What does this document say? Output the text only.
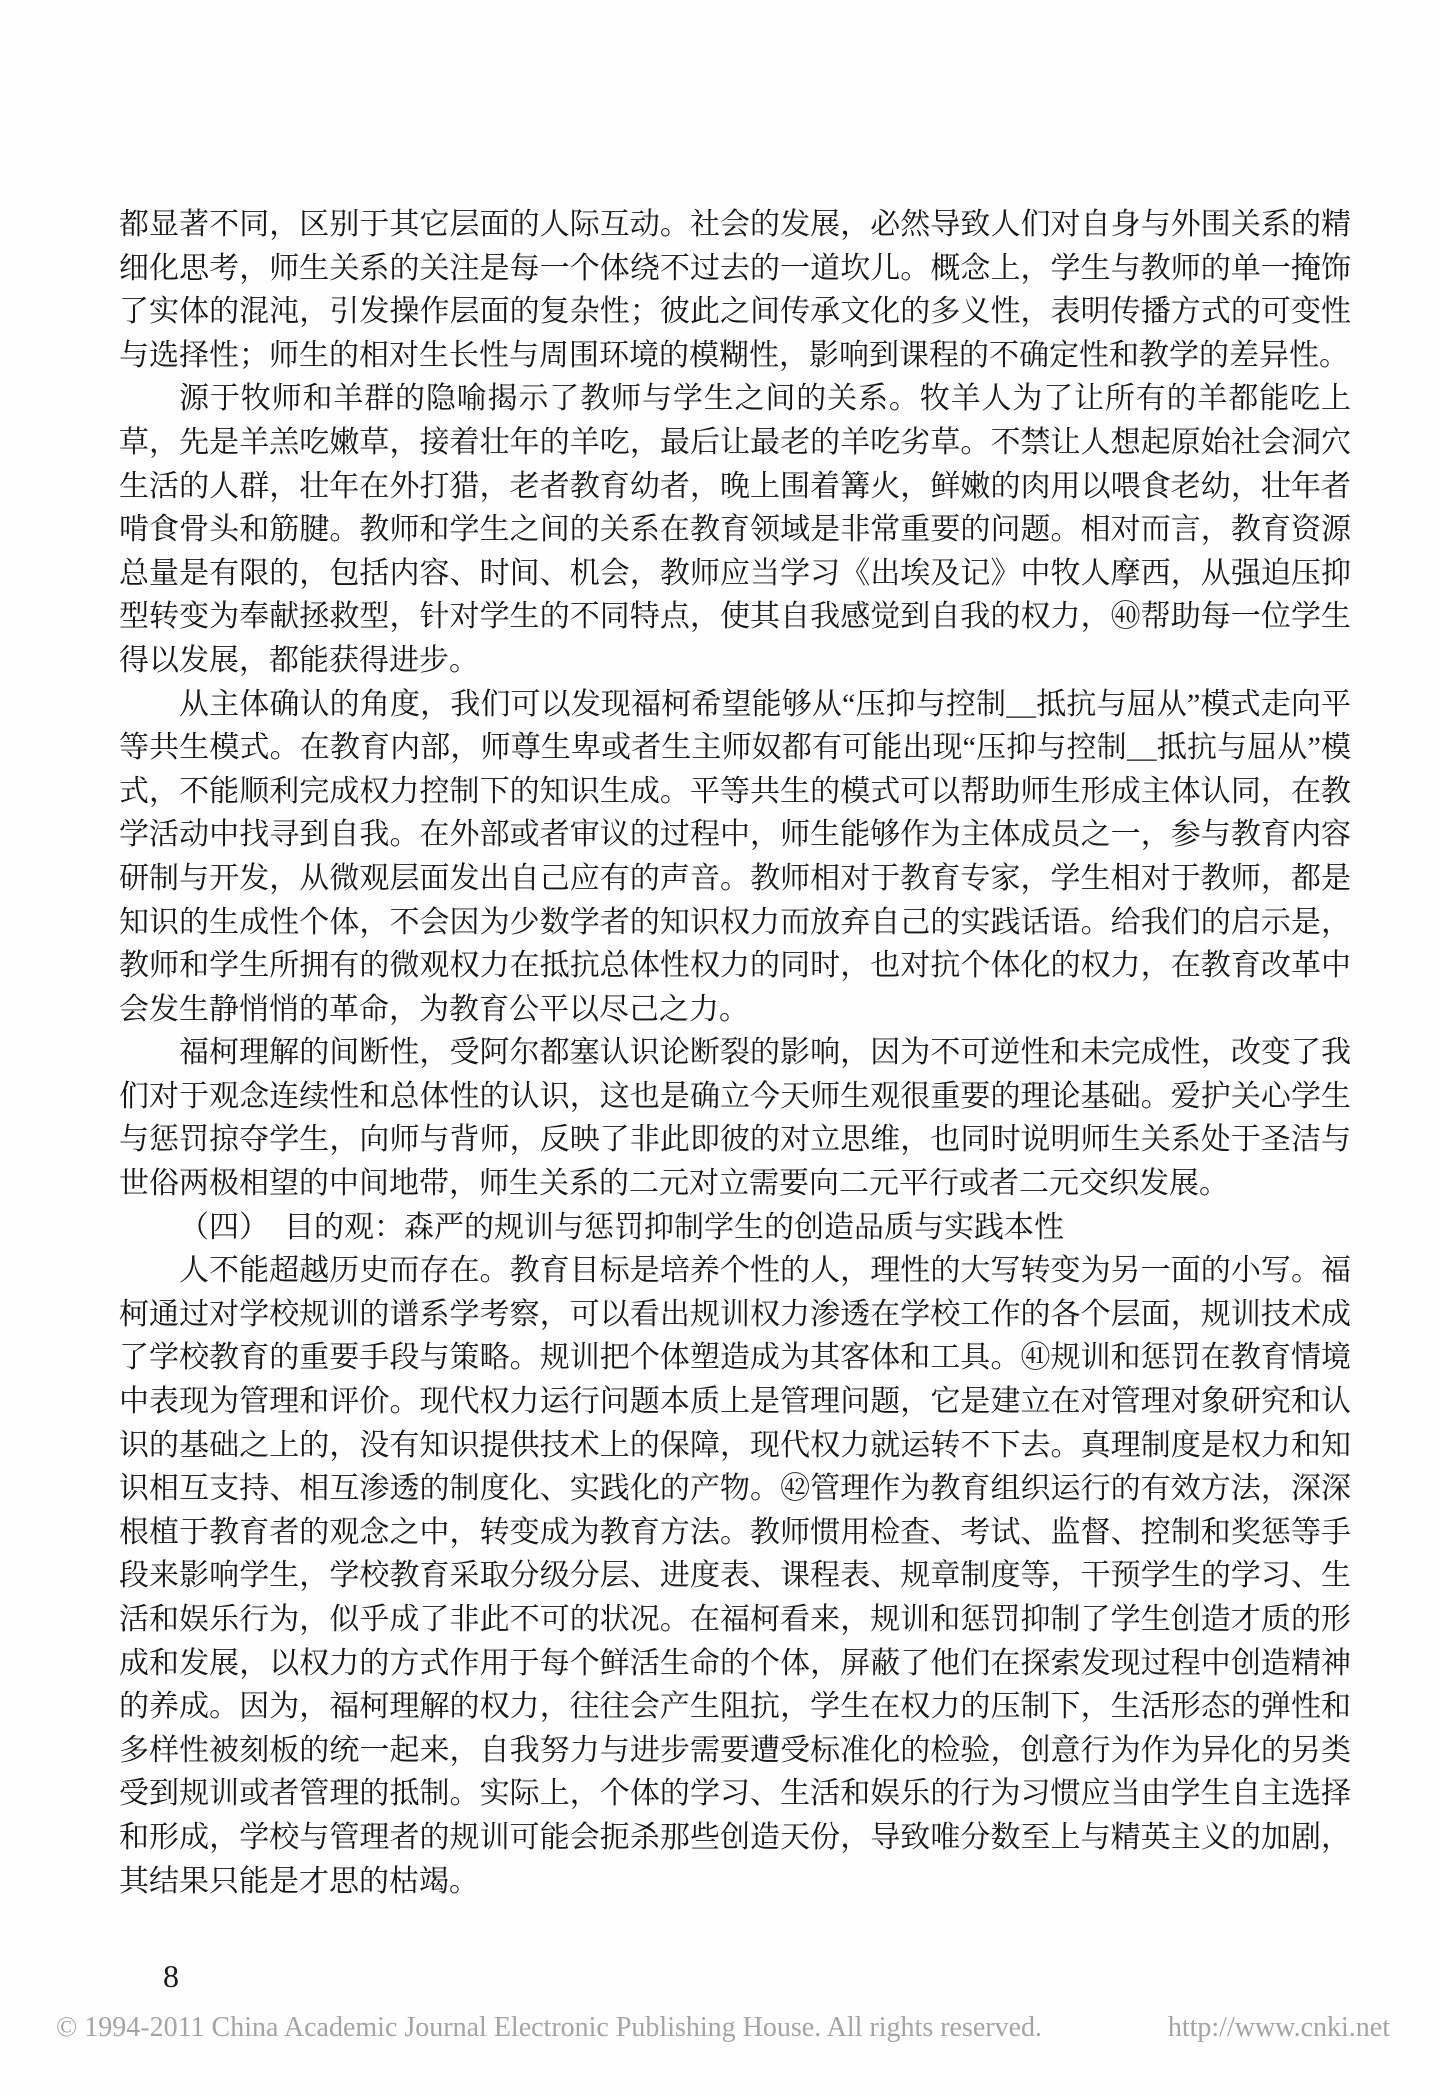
都显著不同，区别于其它层面的人际互动。社会的发展，必然导致人们对自身与外围关系的精细化思考，师生关系的关注是每一个体绕不过去的一道坎儿。概念上，学生与教师的单一掩饰了实体的混沌，引发操作层面的复杂性；彼此之间传承文化的多义性，表明传播方式的可变性与选择性；师生的相对生长性与周围环境的模糊性，影响到课程的不确定性和教学的差异性。

源于牧师和羊群的隐喻揭示了教师与学生之间的关系。牧羊人为了让所有的羊都能吃上草，先是羊羔吃嫩草，接着壮年的羊吃，最后让最老的羊吃劣草。不禁让人想起原始社会洞穴生活的人群，壮年在外打猎，老者教育幼者，晚上围着篝火，鲜嫩的肉用以喂食老幼，壮年者啃食骨头和筋腱。教师和学生之间的关系在教育领域是非常重要的问题。相对而言，教育资源总量是有限的，包括内容、时间、机会，教师应当学习《出埃及记》中牧人摩西，从强迫压抑型转变为奉献拯救型，针对学生的不同特点，使其自我感觉到自我的权力，㊵帮助每一位学生得以发展，都能获得进步。

从主体确认的角度，我们可以发现福柯希望能够从“压抑与控制＿抵抗与屈从”模式走向平等共生模式。在教育内部，师尊生卑或者生主师奴都有可能出现“压抑与控制＿抵抗与屈从”模式，不能顺利完成权力控制下的知识生成。平等共生的模式可以帮助师生形成主体认同，在教学活动中找寻到自我。在外部或者审议的过程中，师生能够作为主体成员之一，参与教育内容研制与开发，从微观层面发出自己应有的声音。教师相对于教育专家，学生相对于教师，都是知识的生成性个体，不会因为少数学者的知识权力而放弃自己的实践话语。给我们的启示是，教师和学生所拥有的微观权力在抵抗总体性权力的同时，也对抗个体化的权力，在教育改革中会发生静悄悄的革命，为教育公平以尽己之力。

福柯理解的间断性，受阿尔都塞认识论断裂的影响，因为不可逆性和未完成性，改变了我们对于观念连续性和总体性的认识，这也是确立今天师生观很重要的理论基础。爱护关心学生与惩罚掠夺学生，向师与背师，反映了非此即彼的对立思维，也同时说明师生关系处于圣洁与世俗两极相望的中间地带，师生关系的二元对立需要向二元平行或者二元交织发展。

（四）　目的观：森严的规训与惩罚抑制学生的创造品质与实践本性

人不能超越历史而存在。教育目标是培养个性的人，理性的大写转变为另一面的小写。福柯通过对学校规训的谱系学考察，可以看出规训权力渗透在学校工作的各个层面，规训技术成了学校教育的重要手段与策略。规训把个体塑造成为其客体和工具。㊶规训和惩罚在教育情境中表现为管理和评价。现代权力运行问题本质上是管理问题，它是建立在对管理对象研究和认识的基础之上的，没有知识提供技术上的保障，现代权力就运转不下去。真理制度是权力和知识相互支持、相互渗透的制度化、实践化的产物。㊷管理作为教育组织运行的有效方法，深深根植于教育者的观念之中，转变成为教育方法。教师惯用检查、考试、监督、控制和奖惩等手段来影响学生，学校教育采取分级分层、进度表、课程表、规章制度等，干预学生的学习、生活和娱乐行为，似乎成了非此不可的状况。在福柯看来，规训和惩罚抑制了学生创造才质的形成和发展，以权力的方式作用于每个鲜活生命的个体，屏蔽了他们在探索发现过程中创造精神的养成。因为，福柯理解的权力，往往会产生阻抗，学生在权力的压制下，生活形态的弹性和多样性被刻板的统一起来，自我努力与进步需要遭受标准化的检验，创意行为作为异化的另类受到规训或者管理的抵制。实际上，个体的学习、生活和娱乐的行为习惯应当由学生自主选择和形成，学校与管理者的规训可能会扼杀那些创造天份，导致唯分数至上与精英主义的加剧，其结果只能是才思的枯竭。

8
© 1994-2011 China Academic Journal Electronic Publishing House. All rights reserved.	http://www.cnki.net
